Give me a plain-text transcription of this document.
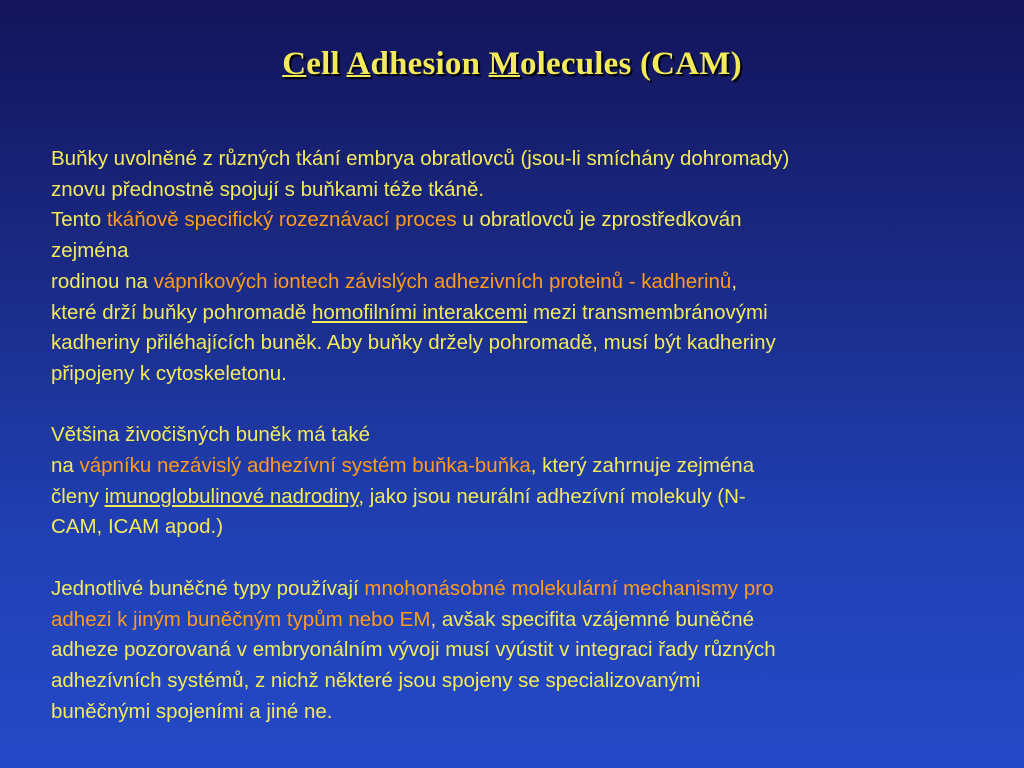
Cell Adhesion Molecules (CAM)
Buňky uvolněné z různých tkání embrya obratlovců (jsou-li smíchány dohromady)
znovu přednostně spojují s buňkami téže tkáně.
Tento tkáňově specifický rozeznávací proces u obratlovců je zprostředkován
zejména
rodinou na vápníkových iontech závislých adhezivních proteinů - kadherinů,
které drží buňky pohromadě homofilními interakcemi mezi transmembránovými
kadheriny přiléhajících buněk. Aby buňky držely pohromadě, musí být kadheriny
připojeny k cytoskeletonu.
Většina živočišných buněk má také
na vápníku nezávislý adhezívní systém buňka-buňka, který zahrnuje zejména
členy imunoglobulinové nadrodiny, jako jsou neurální adhezívní molekuly (N-
CAM, ICAM apod.)
Jednotlivé buněčné typy používají mnohonásobné molekulární mechanismy pro
adhezi k jiným buněčným typům nebo EM, avšak specifita vzájemné buněčné
adheze pozorovaná v embryonálním vývoji musí vyústit v integraci řady různých
adhezívních systémů, z nichž některé jsou spojeny se specializovanými
buněčnými spojeními a jiné ne.
